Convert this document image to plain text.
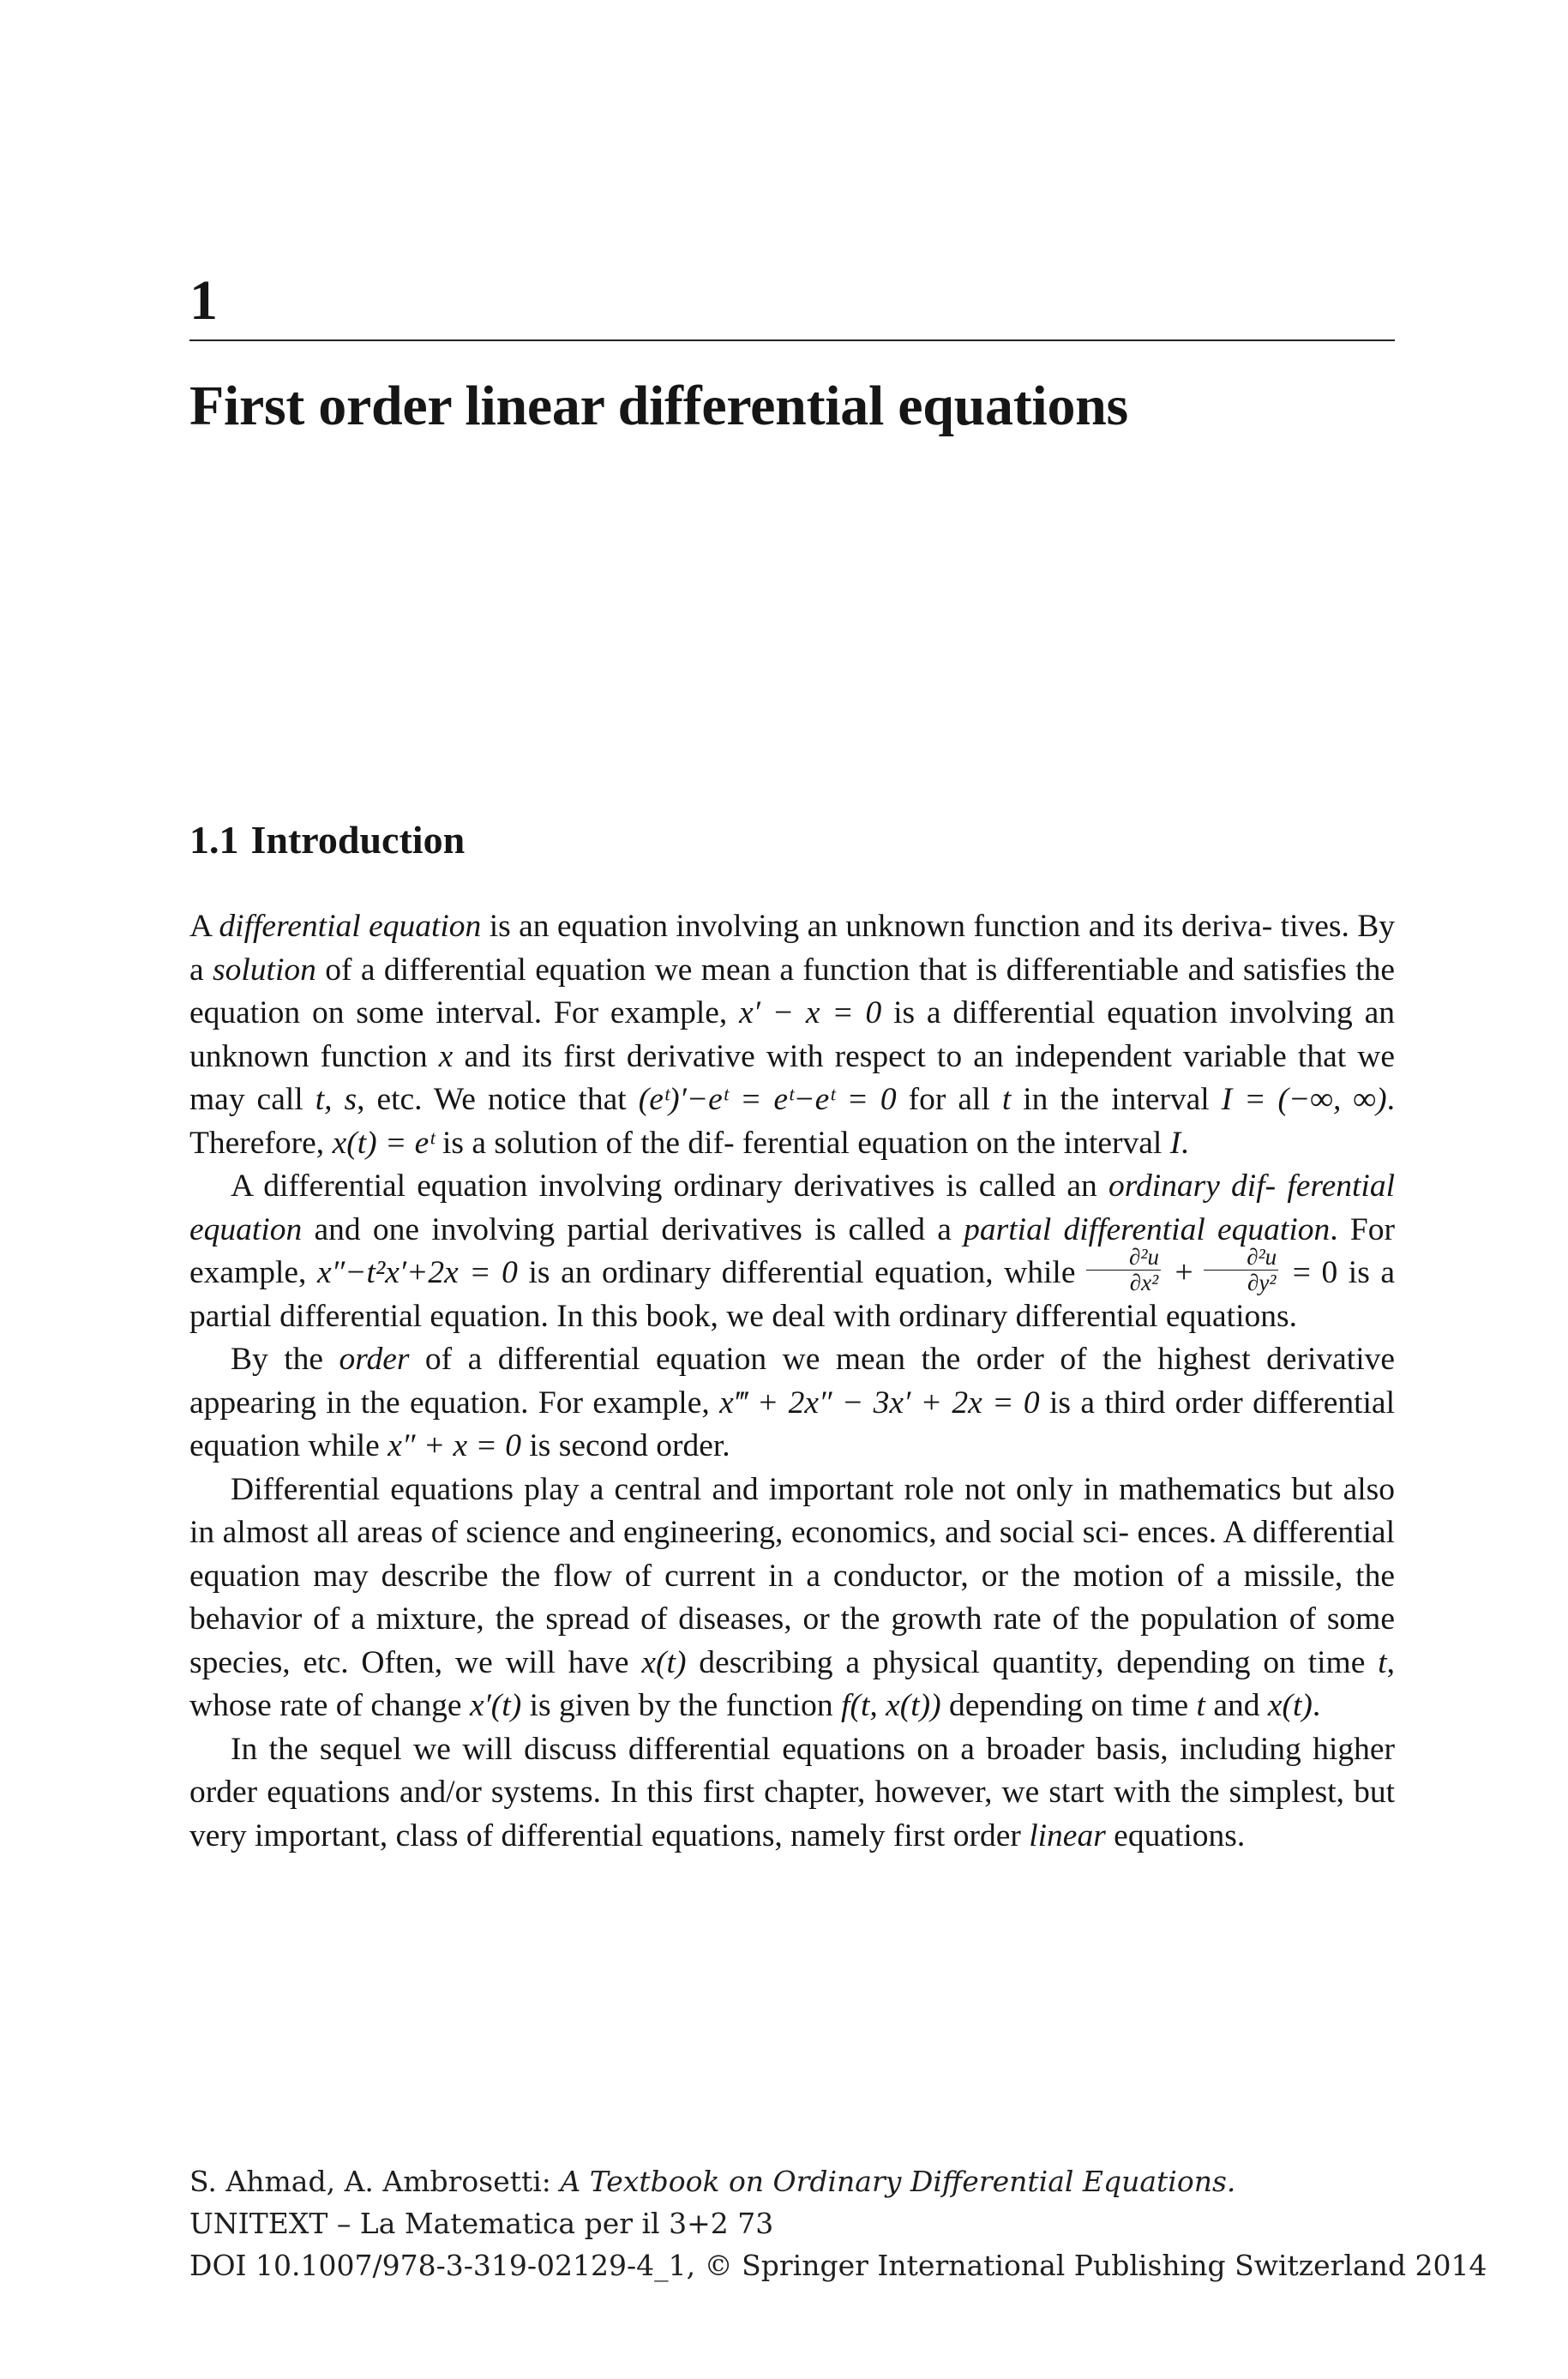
1
First order linear differential equations
1.1 Introduction

A differential equation is an equation involving an unknown function and its deriva- tives. By a solution of a differential equation we mean a function that is differentiable and satisfies the equation on some interval. For example, x′ − x = 0 is a differential equation involving an unknown function x and its first derivative with respect to an independent variable that we may call t, s, etc. We notice that (eᵗ)′−eᵗ = eᵗ−eᵗ = 0 for all t in the interval I = (−∞, ∞). Therefore, x(t) = eᵗ is a solution of the dif- ferential equation on the interval I.

A differential equation involving ordinary derivatives is called an ordinary dif- ferential equation and one involving partial derivatives is called a partial differential equation. For example, x″−t²x′+2x = 0 is an ordinary differential equation, while $\frac{\text{∂²u}}{\text{∂x²}} + \frac{\text{∂²u}}{\text{∂y²}} = 0$ is a partial differential equation. In this book, we deal with ordinary differential equations.

By the order of a differential equation we mean the order of the highest derivative appearing in the equation. For example, x‴ + 2x″ − 3x′ + 2x = 0 is a third order differential equation while x″ + x = 0 is second order.

Differential equations play a central and important role not only in mathematics but also in almost all areas of science and engineering, economics, and social sci- ences. A differential equation may describe the flow of current in a conductor, or the motion of a missile, the behavior of a mixture, the spread of diseases, or the growth rate of the population of some species, etc. Often, we will have x(t) describing a physical quantity, depending on time t, whose rate of change x′(t) is given by the function f(t, x(t)) depending on time t and x(t).

In the sequel we will discuss differential equations on a broader basis, including higher order equations and/or systems. In this first chapter, however, we start with the simplest, but very important, class of differential equations, namely first order linear equations.

S. Ahmad, A. Ambrosetti: A Textbook on Ordinary Differential Equations.
UNITEXT – La Matematica per il 3+2 73
DOI 10.1007/978-3-319-02129-4_1, © Springer International Publishing Switzerland 2014
